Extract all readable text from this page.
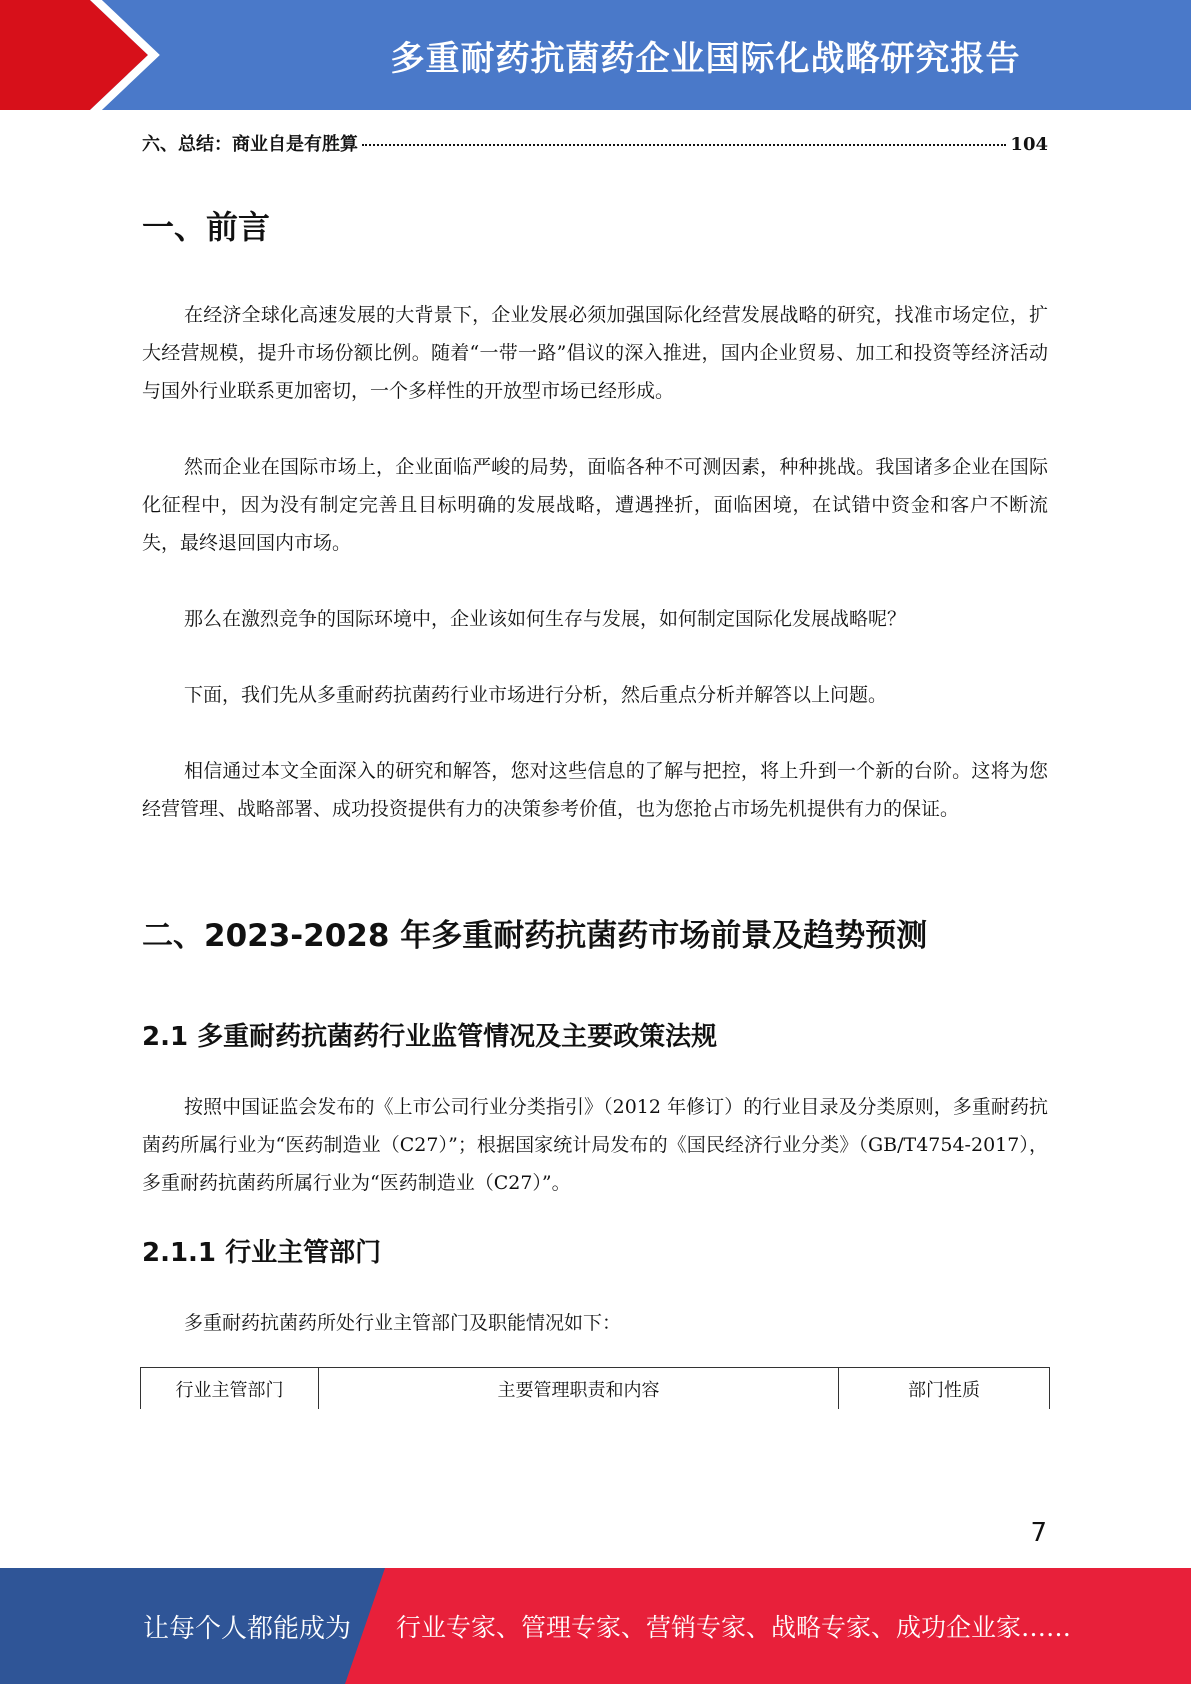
多重耐药抗菌药企业国际化战略研究报告
六、总结：商业自是有胜算	104
一、前言

在经济全球化高速发展的大背景下，企业发展必须加强国际化经营发展战略的研究，找准市场定位，扩大经营规模，提升市场份额比例。随着“一带一路”倡议的深入推进，国内企业贸易、加工和投资等经济活动与国外行业联系更加密切，一个多样性的开放型市场已经形成。

然而企业在国际市场上，企业面临严峻的局势，面临各种不可测因素，种种挑战。我国诸多企业在国际化征程中，因为没有制定完善且目标明确的发展战略，遭遇挫折，面临困境，在试错中资金和客户不断流失，最终退回国内市场。

那么在激烈竞争的国际环境中，企业该如何生存与发展，如何制定国际化发展战略呢？

下面，我们先从多重耐药抗菌药行业市场进行分析，然后重点分析并解答以上问题。

相信通过本文全面深入的研究和解答，您对这些信息的了解与把控，将上升到一个新的台阶。这将为您经营管理、战略部署、成功投资提供有力的决策参考价值，也为您抢占市场先机提供有力的保证。

二、2023-2028 年多重耐药抗菌药市场前景及趋势预测
2.1 多重耐药抗菌药行业监管情况及主要政策法规

按照中国证监会发布的《上市公司行业分类指引》（2012 年修订）的行业目录及分类原则，多重耐药抗菌药所属行业为“医药制造业（C27）”；根据国家统计局发布的《国民经济行业分类》（GB/T4754-2017），多重耐药抗菌药所属行业为“医药制造业（C27）”。

2.1.1 行业主管部门

多重耐药抗菌药所处行业主管部门及职能情况如下：

行业主管部门	主要管理职责和内容	部门性质
7
让每个人都能成为 行业专家、管理专家、营销专家、战略专家、成功企业家……
